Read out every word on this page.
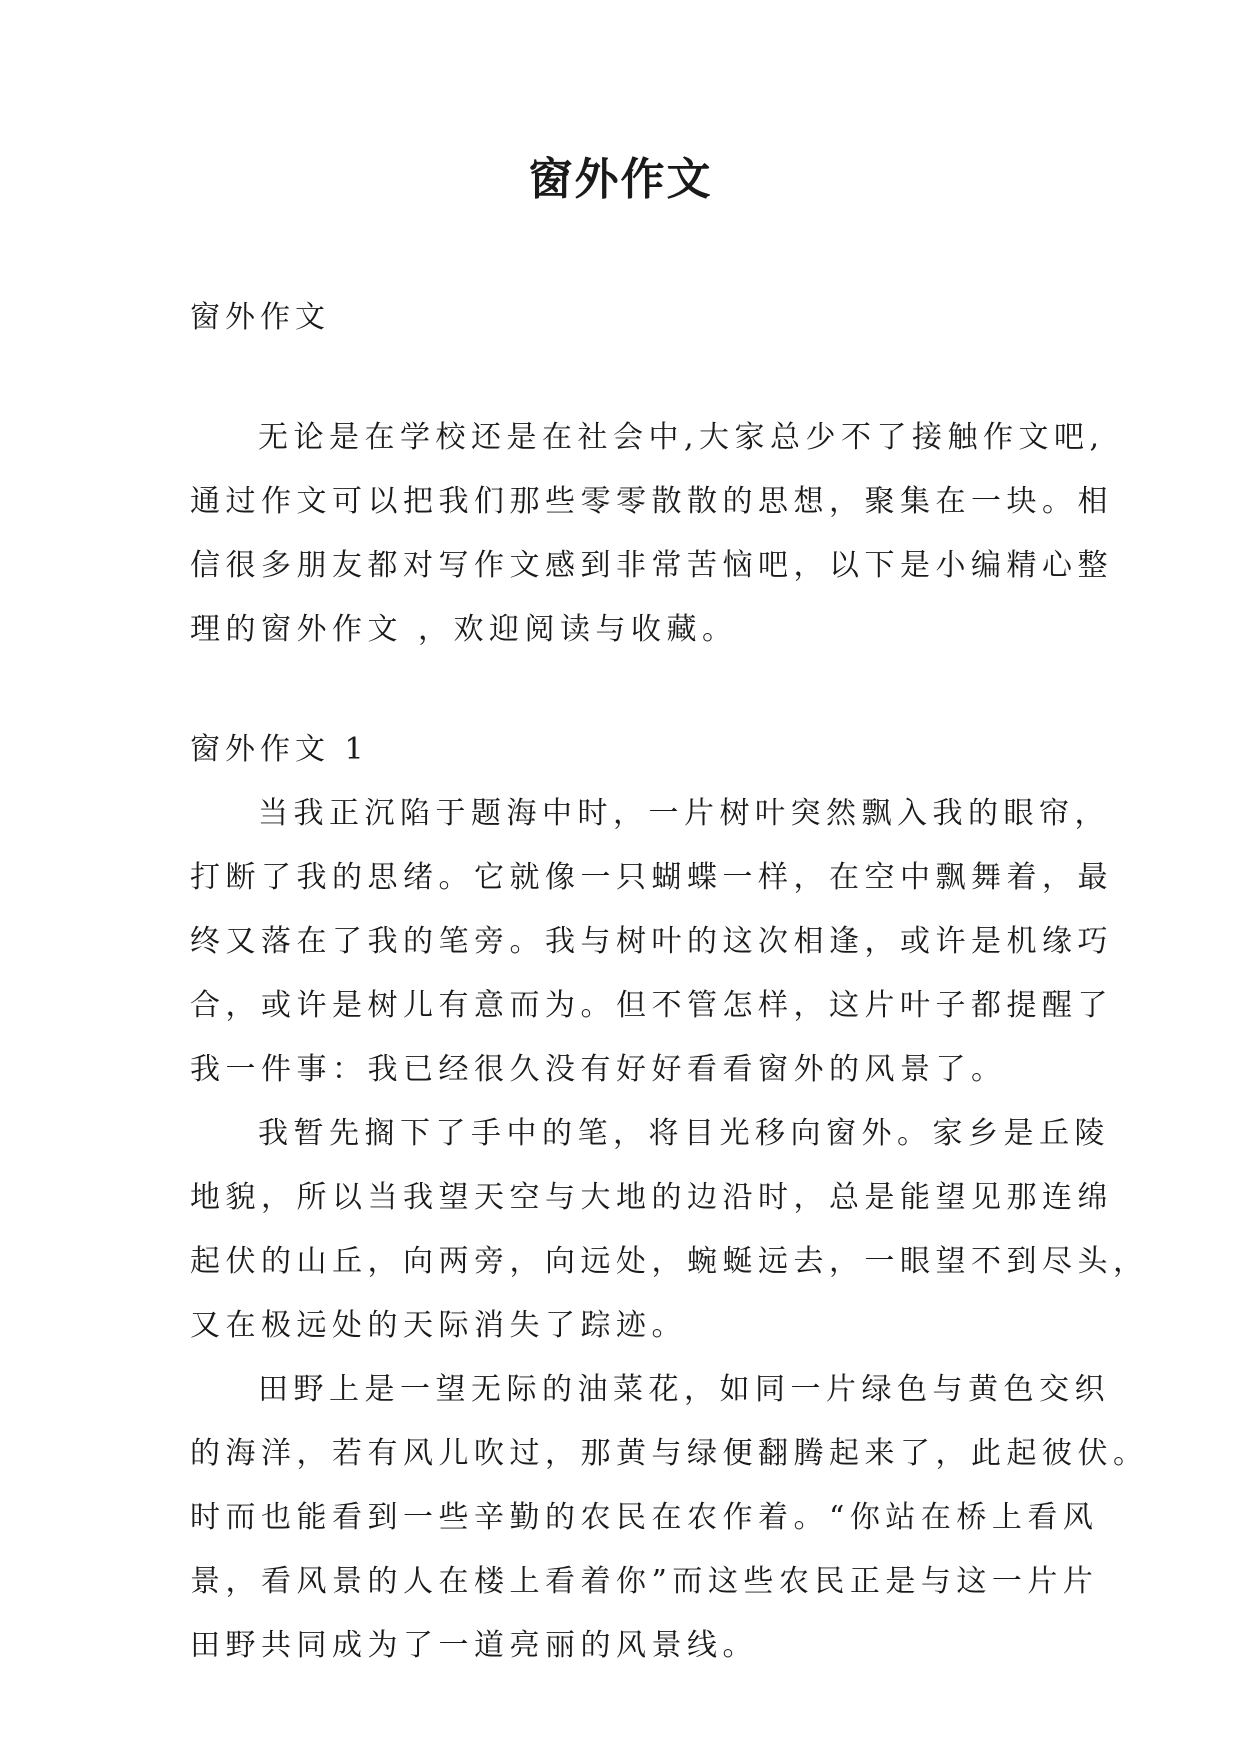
窗外作文
窗外作文
无论是在学校还是在社会中,大家总少不了接触作文吧,
通过作文可以把我们那些零零散散的思想，聚集在一块。相
信很多朋友都对写作文感到非常苦恼吧，以下是小编精心整
理的窗外作文 ，欢迎阅读与收藏。
窗外作文 1
当我正沉陷于题海中时，一片树叶突然飘入我的眼帘，
打断了我的思绪。它就像一只蝴蝶一样，在空中飘舞着，最
终又落在了我的笔旁。我与树叶的这次相逢，或许是机缘巧
合，或许是树儿有意而为。但不管怎样，这片叶子都提醒了
我一件事：我已经很久没有好好看看窗外的风景了。
我暂先搁下了手中的笔，将目光移向窗外。家乡是丘陵
地貌，所以当我望天空与大地的边沿时，总是能望见那连绵
起伏的山丘，向两旁，向远处，蜿蜒远去，一眼望不到尽头，
又在极远处的天际消失了踪迹。
田野上是一望无际的油菜花，如同一片绿色与黄色交织
的海洋，若有风儿吹过，那黄与绿便翻腾起来了，此起彼伏。
时而也能看到一些辛勤的农民在农作着。“你站在桥上看风
景，看风景的人在楼上看着你”而这些农民正是与这一片片
田野共同成为了一道亮丽的风景线。
